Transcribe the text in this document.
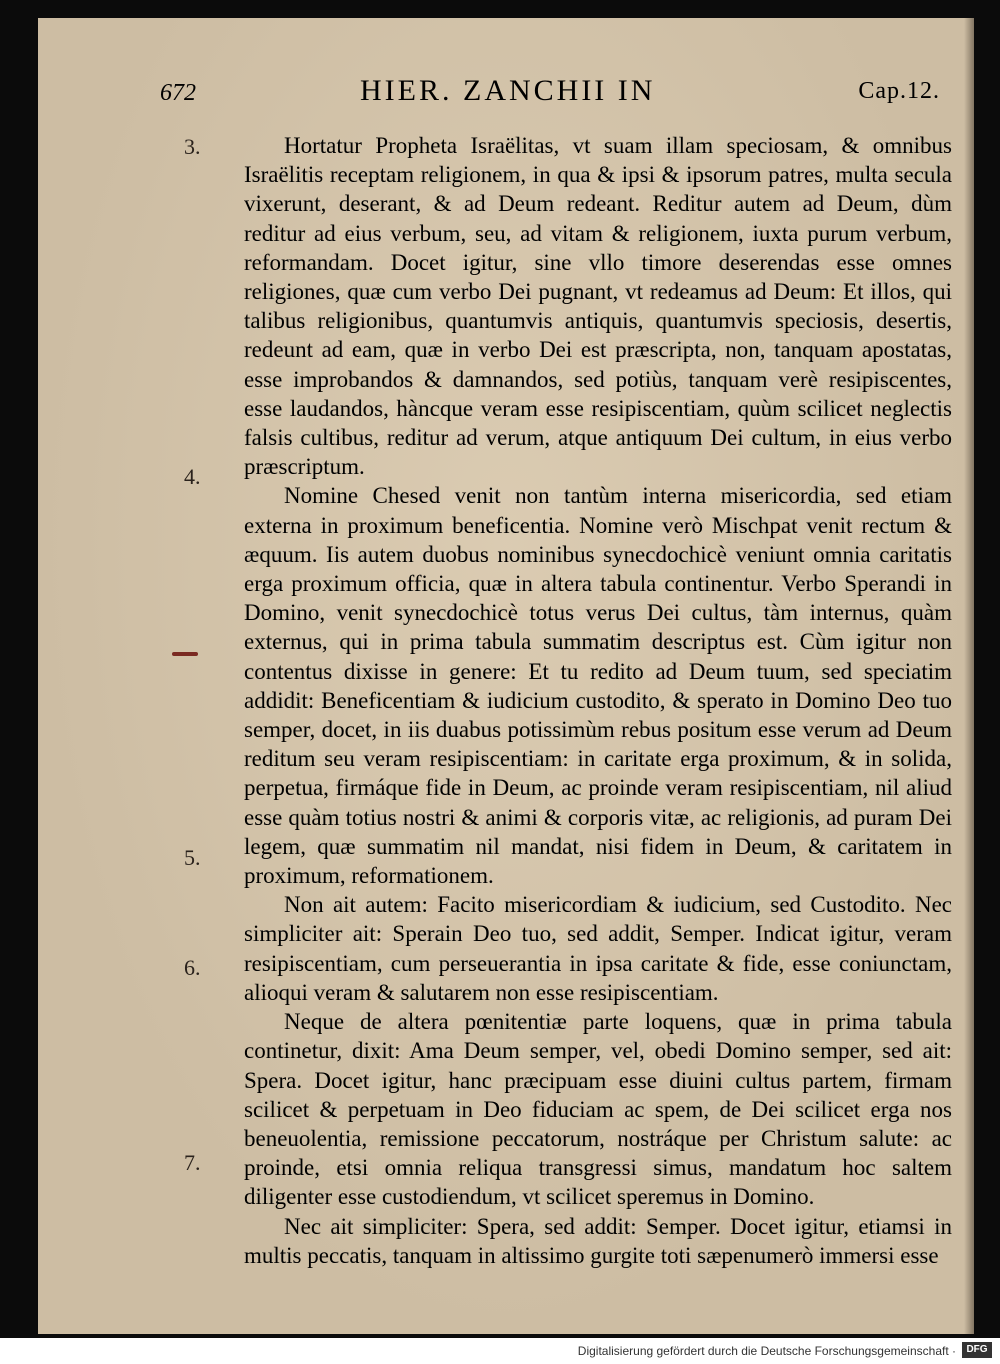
672	HIER. ZANCHII IN	Cap.12.
3.
4.
5.
6.
7.

Hortatur Propheta Israëlitas, vt suam illam speciosam, & omnibus Israëlitis receptam religionem, in qua & ipsi & ipsorum patres, multa secula vixerunt, deserant, & ad Deum redeant. Reditur autem ad Deum, dùm reditur ad eius verbum, seu, ad vitam & religionem, iuxta purum verbum, reformandam. Docet igitur, sine vllo timore deserendas esse omnes religiones, quæ cum verbo Dei pugnant, vt redeamus ad Deum: Et illos, qui talibus religionibus, quantumvis antiquis, quantumvis speciosis, desertis, redeunt ad eam, quæ in verbo Dei est præscripta, non, tanquam apostatas, esse improbandos & damnandos, sed potiùs, tanquam verè resipiscentes, esse laudandos, hàncque veram esse resipiscentiam, quùm scilicet neglectis falsis cultibus, reditur ad verum, atque antiquum Dei cultum, in eius verbo præscriptum.

Nomine Chesed venit non tantùm interna misericordia, sed etiam externa in proximum beneficentia. Nomine verò Mischpat venit rectum & æquum. Iis autem duobus nominibus synecdochicè veniunt omnia caritatis erga proximum officia, quæ in altera tabula continentur. Verbo Sperandi in Domino, venit synecdochicè totus verus Dei cultus, tàm internus, quàm externus, qui in prima tabula summatim descriptus est. Cùm igitur non contentus dixisse in genere: Et tu redito ad Deum tuum, sed speciatim addidit: Beneficentiam & iudicium custodito, & sperato in Domino Deo tuo semper, docet, in iis duabus potissimùm rebus positum esse verum ad Deum reditum seu veram resipiscentiam: in caritate erga proximum, & in solida, perpetua, firmáque fide in Deum, ac proinde veram resipiscentiam, nil aliud esse quàm totius nostri & animi & corporis vitæ, ac religionis, ad puram Dei legem, quæ summatim nil mandat, nisi fidem in Deum, & caritatem in proximum, reformationem.

Non ait autem: Facito misericordiam & iudicium, sed Custodito. Nec simpliciter ait: Sperain Deo tuo, sed addit, Semper. Indicat igitur, veram resipiscentiam, cum perseuerantia in ipsa caritate & fide, esse coniunctam, alioqui veram & salutarem non esse resipiscentiam.

Neque de altera pœnitentiæ parte loquens, quæ in prima tabula continetur, dixit: Ama Deum semper, vel, obedi Domino semper, sed ait: Spera. Docet igitur, hanc præcipuam esse diuini cultus partem, firmam scilicet & perpetuam in Deo fiduciam ac spem, de Dei scilicet erga nos beneuolentia, remissione peccatorum, nostráque per Christum salute: ac proinde, etsi omnia reliqua transgressi simus, mandatum hoc saltem diligenter esse custodiendum, vt scilicet speremus in Domino.

Nec ait simpliciter: Spera, sed addit: Semper. Docet igitur, etiamsi in multis peccatis, tanquam in altissimo gurgite toti sæpenumerò immersi esse

Digitalisierung gefördert durch die Deutsche Forschungsgemeinschaft ·	DFG
